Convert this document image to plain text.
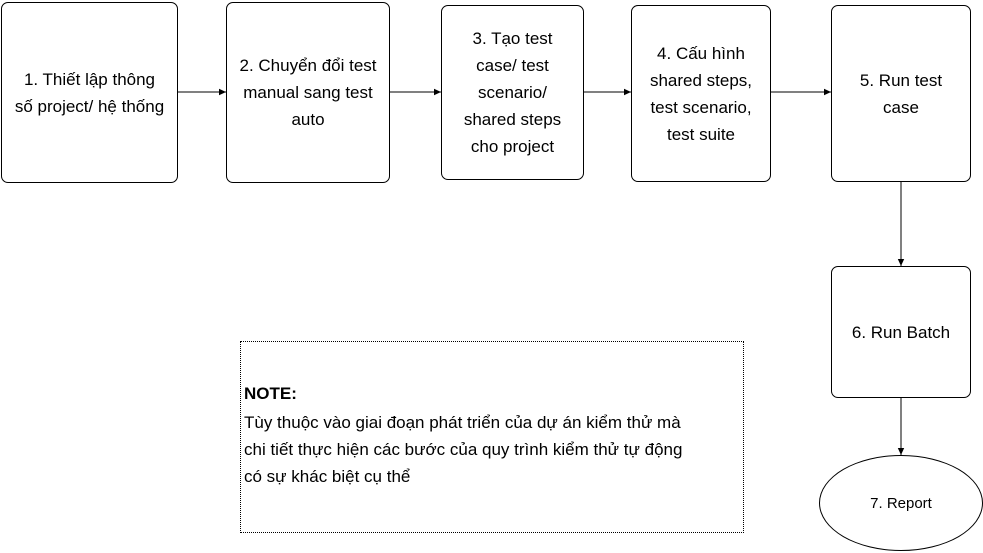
1. Thiết lập thông
số project/ hệ thống
2. Chuyển đổi test
manual sang test
auto
3. Tạo test
case/ test
scenario/
shared steps
cho project
4. Cấu hình
shared steps,
test scenario,
test suite
5. Run test
case
6. Run Batch
7. Report
NOTE:
Tùy thuộc vào giai đoạn phát triển của dự án kiểm thử mà
chi tiết thực hiện các bước của quy trình kiểm thử tự động
có sự khác biệt cụ thể
